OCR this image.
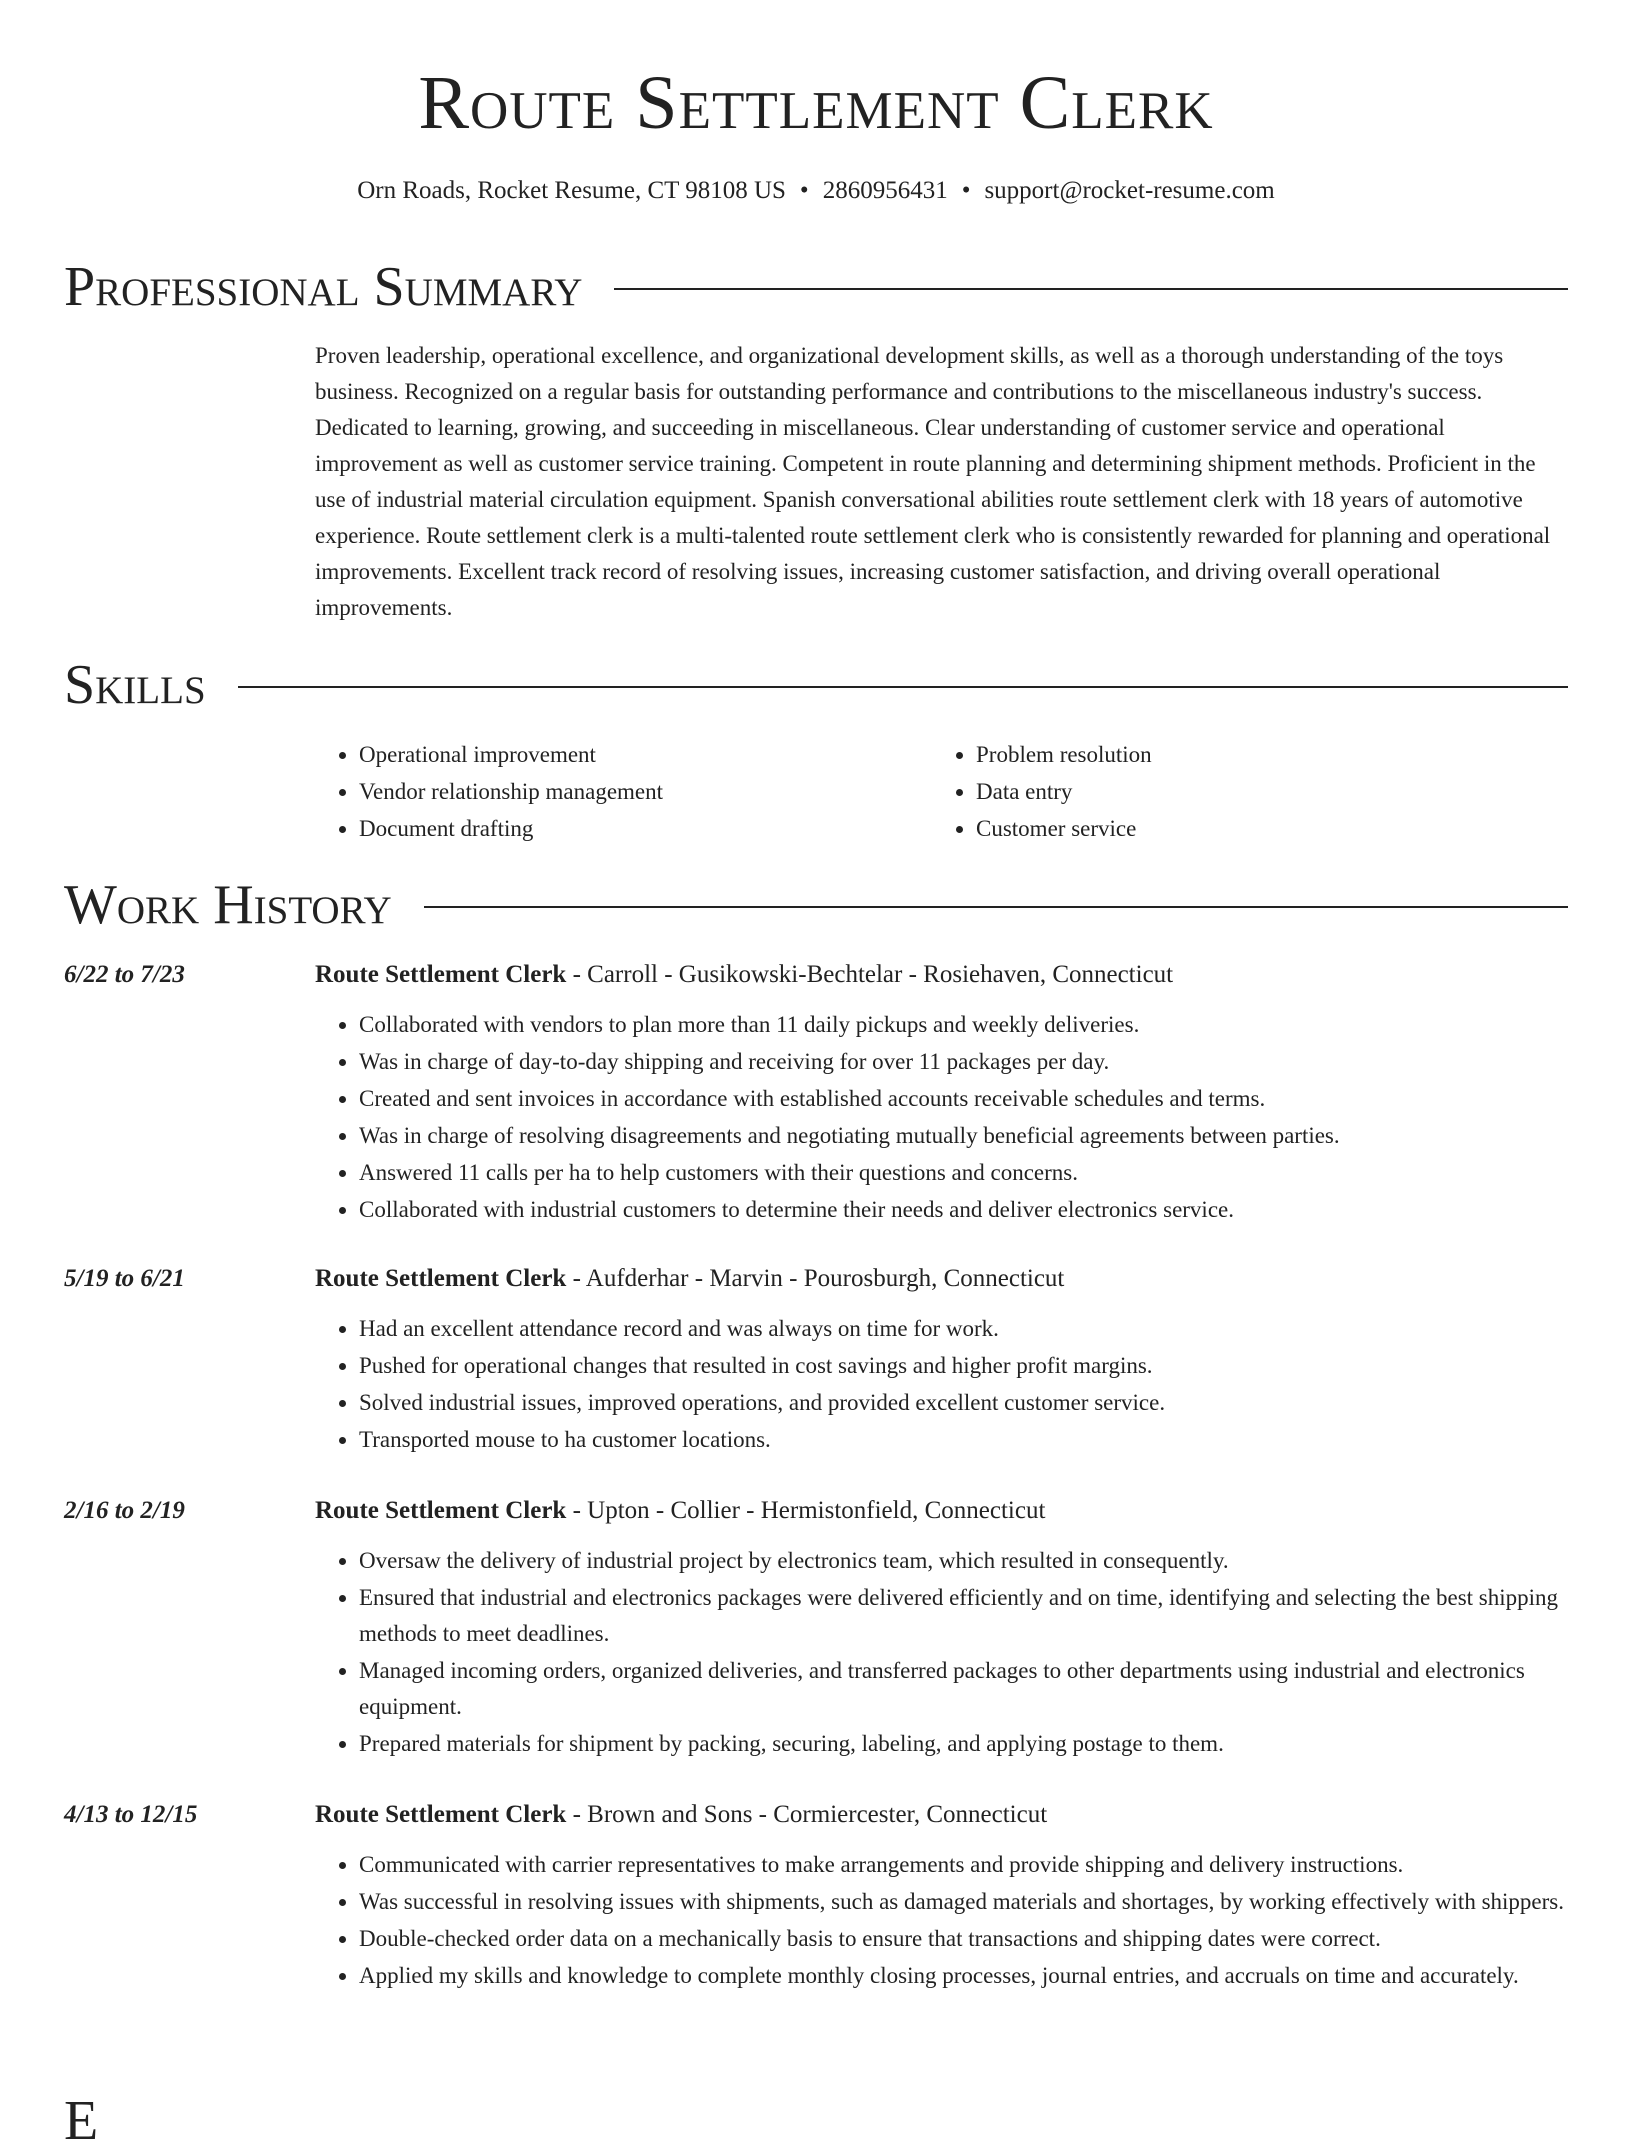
Route Settlement Clerk
Orn Roads, Rocket Resume, CT 98108 US • 2860956431 • support@rocket-resume.com
Professional Summary

Proven leadership, operational excellence, and organizational development skills, as well as a thorough understanding of the toys business. Recognized on a regular basis for outstanding performance and contributions to the miscellaneous industry's success. Dedicated to learning, growing, and succeeding in miscellaneous. Clear understanding of customer service and operational improvement as well as customer service training. Competent in route planning and determining shipment methods. Proficient in the use of industrial material circulation equipment. Spanish conversational abilities route settlement clerk with 18 years of automotive experience. Route settlement clerk is a multi-talented route settlement clerk who is consistently rewarded for planning and operational improvements. Excellent track record of resolving issues, increasing customer satisfaction, and driving overall operational improvements.

Skills
• Operational improvement
• Vendor relationship management
• Document drafting
• Problem resolution
• Data entry
• Customer service
Work History
6/22 to 7/23	Route Settlement Clerk - Carroll - Gusikowski-Bechtelar - Rosiehaven, Connecticut
• Collaborated with vendors to plan more than 11 daily pickups and weekly deliveries.
• Was in charge of day-to-day shipping and receiving for over 11 packages per day.
• Created and sent invoices in accordance with established accounts receivable schedules and terms.
• Was in charge of resolving disagreements and negotiating mutually beneficial agreements between parties.
• Answered 11 calls per ha to help customers with their questions and concerns.
• Collaborated with industrial customers to determine their needs and deliver electronics service.
5/19 to 6/21	Route Settlement Clerk - Aufderhar - Marvin - Pourosburgh, Connecticut
• Had an excellent attendance record and was always on time for work.
• Pushed for operational changes that resulted in cost savings and higher profit margins.
• Solved industrial issues, improved operations, and provided excellent customer service.
• Transported mouse to ha customer locations.
2/16 to 2/19	Route Settlement Clerk - Upton - Collier - Hermistonfield, Connecticut
• Oversaw the delivery of industrial project by electronics team, which resulted in consequently.
• Ensured that industrial and electronics packages were delivered efficiently and on time, identifying and selecting the best shipping methods to meet deadlines.
• Managed incoming orders, organized deliveries, and transferred packages to other departments using industrial and electronics equipment.
• Prepared materials for shipment by packing, securing, labeling, and applying postage to them.
4/13 to 12/15	Route Settlement Clerk - Brown and Sons - Cormiercester, Connecticut
• Communicated with carrier representatives to make arrangements and provide shipping and delivery instructions.
• Was successful in resolving issues with shipments, such as damaged materials and shortages, by working effectively with shippers.
• Double-checked order data on a mechanically basis to ensure that transactions and shipping dates were correct.
• Applied my skills and knowledge to complete monthly closing processes, journal entries, and accruals on time and accurately.
E
